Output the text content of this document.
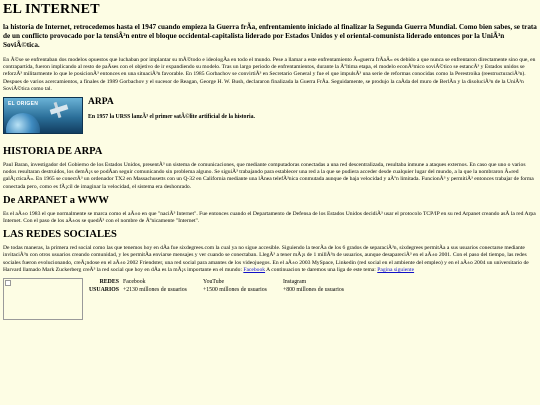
EL INTERNET
la historia de Internet, retrocedemos hasta el 1947 cuando empieza la Guerra frÃa, enfrentamiento iniciado al finalizar la Segunda Guerra Mundial. Como bien sabes, se trata de un conflicto provocado por la tensiÃ³n entre el bloque occidental-capitalista liderado por Estados Unidos y el oriental-comunista liderado entonces por la UniÃ³n SoviÃ©tica.
En Ã©se se enfrentaban dos modelos opuestos que luchaban por implantar su mÃ©todo e ideologÃa en todo el mundo. Pese a llamar a este enfrentamiento Â«guerra frÃaÂ» es debido a que nunca se enfrentaron directamente sino que, en contrapartida, fueron implicando al resto de paÃses con el objetivo de ir expandiendo su modelo. Tras un largo periodo de enfrentamientos, durante la Ãºltima etapa, el modelo econÃ³mico soviÃ©tico se estancÃ³ y Estados unidos se reforzÃ³ militarmente lo que le posicionÃ³ entonces en una situaciÃ³n favorable. En 1985 Gorbachov se convirtiÃ³ en Secretario General y fue el que impulsÃ³ una serie de reformas conocidas como la Perestroika (reestructuraciÃ³n). Despues de varios acercamientos, a finales de 1989 Gorbachov y el sucesor de Reagan, George H. W. Bush, declararon finalizada la Guerra FrÃa. Seguidamente, se produjo la caÃda del muro de BerlÃn y la disoluciÃ³n de la UniÃ³n SoviÃ©tica como tal.
EL ORIGEN	ARPA
En 1957 la URSS lanzÃ³ el primer satÃ©lite artificial de la historia.
HISTORIA DE ARPA
Paul Baran, investigador del Gobierno de los Estados Unidos, presentÃ³ un sistema de comunicaciones, que mediante computadoras conectadas a una red descentralizada, resultaba inmune a ataques externos. En caso que uno o varios nodos resultaran destruidos, los demÃ¡s se podÃan seguir comunicando sin problema alguno. Se siguiÃ³ trabajando para establecer una red a la que se pudiera acceder desde cualquier lugar del mundo, a la que la nombraron Â«red galÃ¡cticaÂ». En 1965 se conectÃ³ un ordenador TX2 en Massachusetts con un Q-32 en California mediante una lÃnea telefÃ³nica conmutada aunque de baja velocidad y aÃºn limitada. FuncionÃ³ y permitiÃ³ entonces trabajar de forma conectada pero, como es fÃ¡cil de imaginar la velocidad, el sistema era deshonrado.
De ARPANET a WWW
Es el aÃ±o 1983 el que normalmente se marca como el aÃ±o en que "naciÃ³ Internet". Fue entonces cuando el Departamento de Defensa de los Estados Unidos decidiÃ³ usar el protocolo TCP/IP en su red Arpanet creando asÃ la red Arpa Internet. Con el paso de los aÃ±os se quedÃ³ con el nombre de Ãºnicamente "Internet".
LAS REDES SOCIALES
De todas maneras, la primera red social como las que tenemos hoy en dÃa fue sixdegrees.com la cual ya no sigue accesible. Siguiendo la teorÃa de los 6 grados de separaciÃ³n, sixdegrees permitÃa a sus usuarios conectarse mediante invitaciÃ³n con otros usuarios creando comunidad, y les permitÃa enviarse mensajes y ver cuando se conectaban. LlegÃ³ a tener mÃ¡s de 1 millÃ³n de usuarios, aunque desapareciÃ³ en el aÃ±o 2001. Con el paso del tiempo, las redes sociales fueron evolucionando, creÃ¡ndose en el aÃ±o 2002 Friendster, una red social para amantes de los videojuegos. En el aÃ±o 2003 MySpace, Linkedin (red social en el ambiente del empleo) y en el aÃ±o 2004 un universitario de Harvard llamado Mark Zuckerberg creÃ³ la red social que hoy en dÃa es la mÃ¡s importante en el mundo: Facebook A continuacion te daremos una liga de este tema: Pagina siguiente
REDES	Facebook	YouTube	Instagram
USUARIOS	+2130 millones de usuarios	+1500 millones de usuarios	+800 millones de usuarios
